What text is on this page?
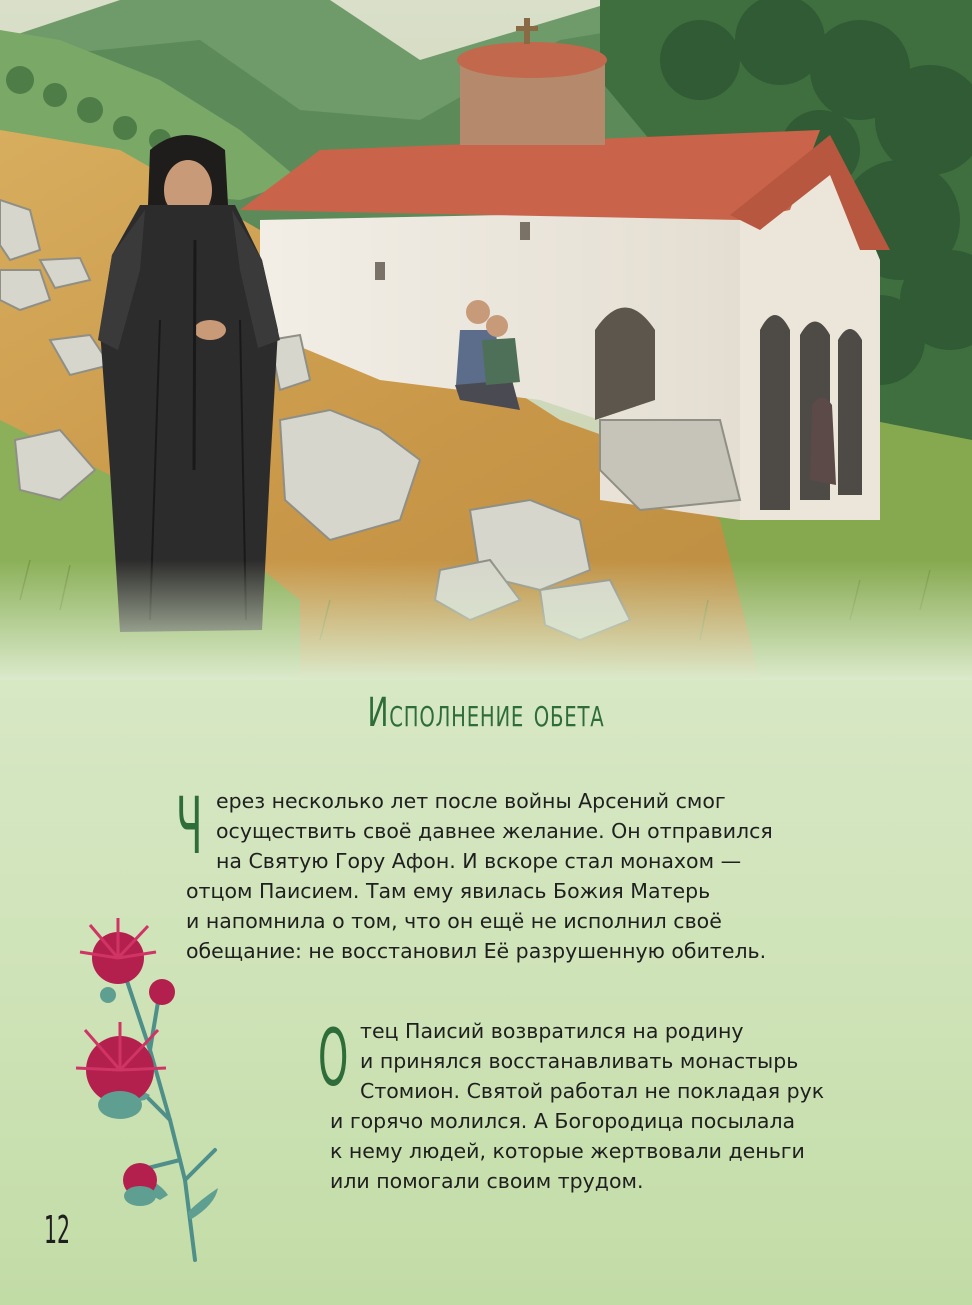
Исполнение обета
Ч ерез несколько лет после войны Арсений смог
осуществить своё давнее желание. Он отправился
на Святую Гору Афон. И вскоре стал монахом —
отцом Паисием. Там ему явилась Божия Матерь
и напомнила о том, что он ещё не исполнил своё
обещание: не восстановил Её разрушенную обитель.
О тец Паисий возвратился на родину
и принялся восстанавливать монастырь
Стомион. Святой работал не покладая рук
и горячо молился. А Богородица посылала
к нему людей, которые жертвовали деньги
или помогали своим трудом.
12
